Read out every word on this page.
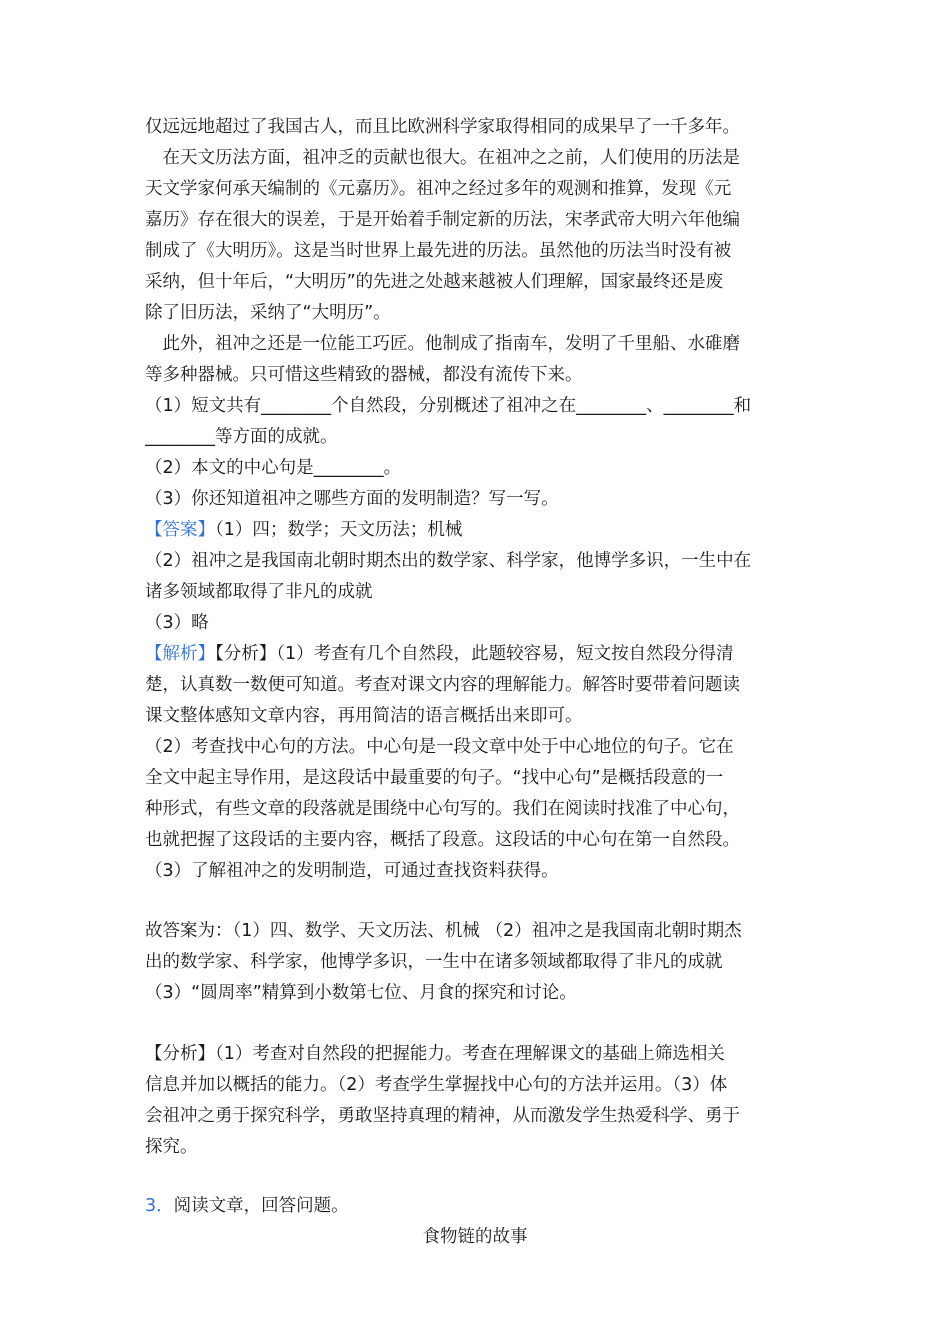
仅远远地超过了我国古人，而且比欧洲科学家取得相同的成果早了一千多年。
　在天文历法方面，祖冲乏的贡献也很大。在祖冲之之前，人们使用的历法是
天文学家何承天编制的《元嘉历》。祖冲之经过多年的观测和推算，发现《元
嘉历》存在很大的误差，于是开始着手制定新的历法，宋孝武帝大明六年他编
制成了《大明历》。这是当时世界上最先进的历法。虽然他的历法当时没有被
采纳，但十年后，“大明历”的先进之处越来越被人们理解，国家最终还是废
除了旧历法，采纳了“大明历”。
　此外，祖冲之还是一位能工巧匠。他制成了指南车，发明了千里船、水碓磨
等多种器械。只可惜这些精致的器械，都没有流传下来。
（1）短文共有________个自然段，分别概述了祖冲之在________、________和
________等方面的成就。
（2）本文的中心句是________。
（3）你还知道祖冲之哪些方面的发明制造？写一写。
【答案】（1）四；数学；天文历法；机械
（2）祖冲之是我国南北朝时期杰出的数学家、科学家，他博学多识，一生中在
诸多领域都取得了非凡的成就
（3）略
【解析】【分析】（1）考查有几个自然段，此题较容易，短文按自然段分得清
楚，认真数一数便可知道。考查对课文内容的理解能力。解答时要带着问题读
课文整体感知文章内容，再用简洁的语言概括出来即可。
（2）考查找中心句的方法。中心句是一段文章中处于中心地位的句子。它在
全文中起主导作用，是这段话中最重要的句子。“找中心句”是概括段意的一
种形式，有些文章的段落就是围绕中心句写的。我们在阅读时找准了中心句，
也就把握了这段话的主要内容，概括了段意。这段话的中心句在第一自然段。
（3）了解祖冲之的发明制造，可通过查找资料获得。
故答案为：（1）四、数学、天文历法、机械 （2）祖冲之是我国南北朝时期杰
出的数学家、科学家，他博学多识，一生中在诸多领域都取得了非凡的成就
（3）“圆周率”精算到小数第七位、月食的探究和讨论。
【分析】（1）考查对自然段的把握能力。考查在理解课文的基础上筛选相关
信息并加以概括的能力。（2）考查学生掌握找中心句的方法并运用。（3）体
会祖冲之勇于探究科学，勇敢坚持真理的精神，从而激发学生热爱科学、勇于
探究。
3．阅读文章，回答问题。
食物链的故事
